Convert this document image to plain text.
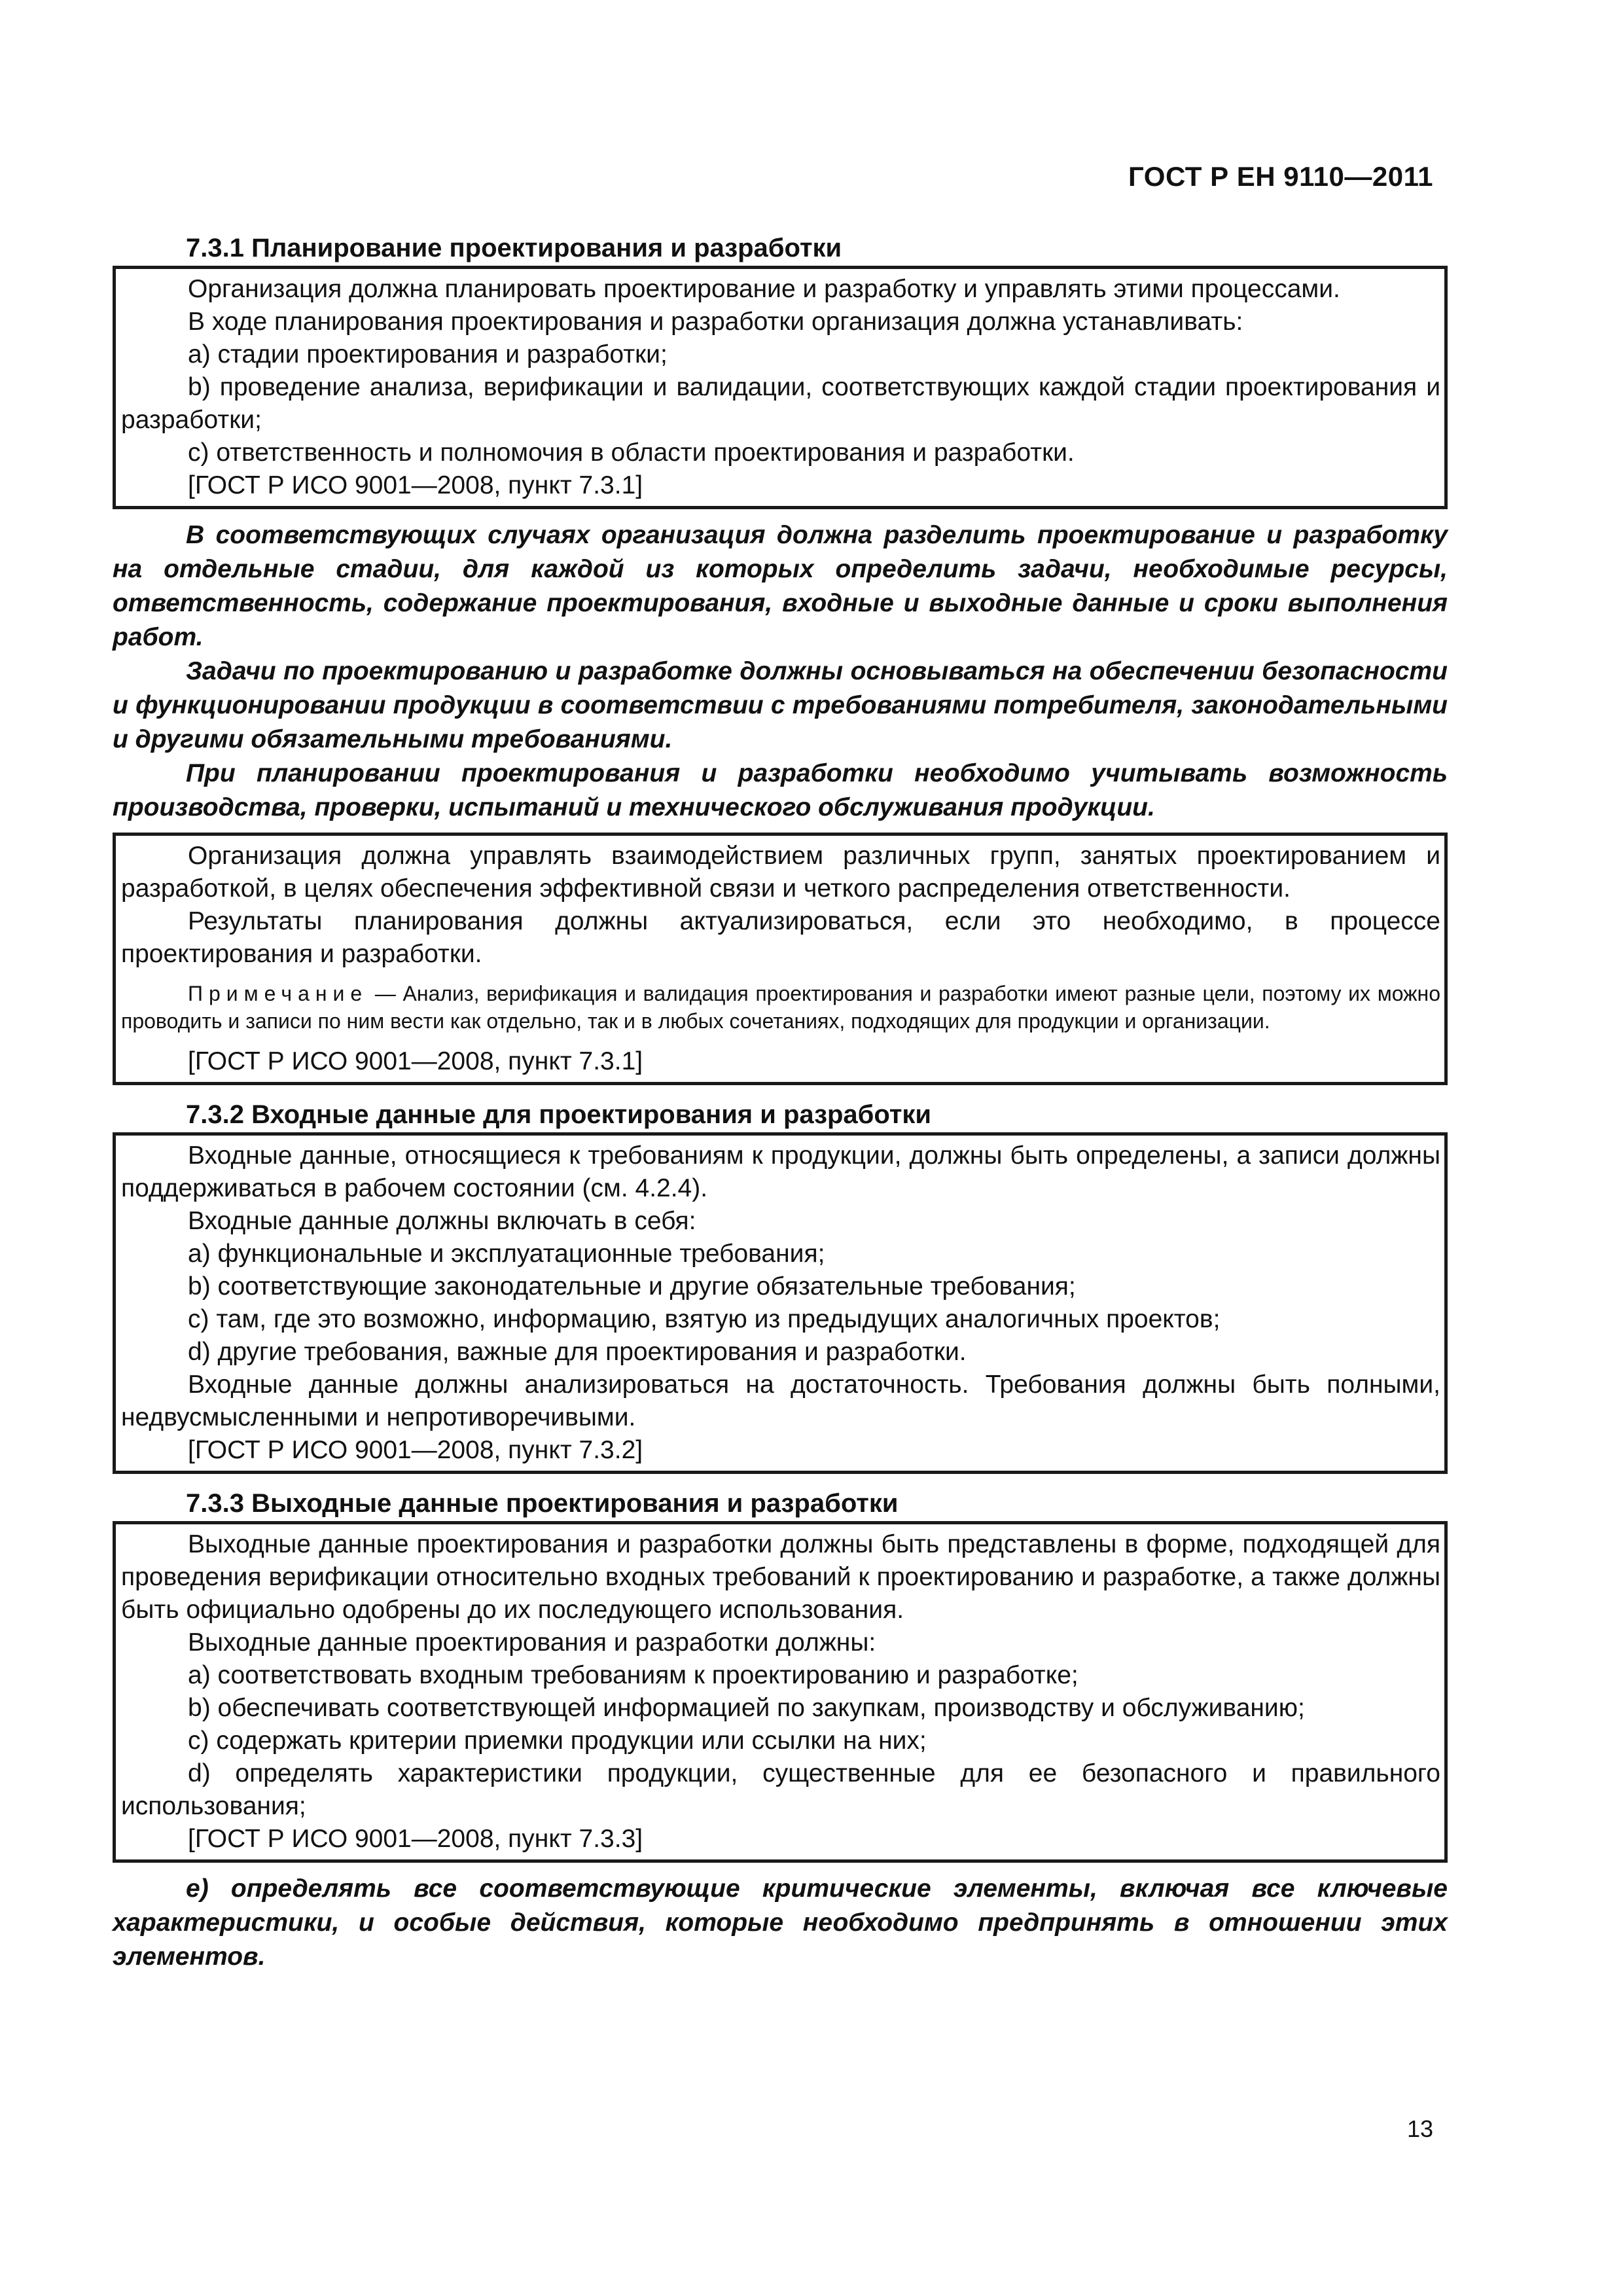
ГОСТ Р ЕН 9110—2011
7.3.1 Планирование проектирования и разработки

Организация должна планировать проектирование и разработку и управлять этими процессами.

В ходе планирования проектирования и разработки организация должна устанавливать:

a) стадии проектирования и разработки;

b) проведение анализа, верификации и валидации, соответствующих каждой стадии проектирования и разработки;

c) ответственность и полномочия в области проектирования и разработки.

[ГОСТ Р ИСО 9001—2008, пункт 7.3.1]

В соответствующих случаях организация должна разделить проектирование и разработку на отдельные стадии, для каждой из которых определить задачи, необходимые ресурсы, ответственность, содержание проектирования, входные и выходные данные и сроки выполнения работ.

Задачи по проектированию и разработке должны основываться на обеспечении безопасности и функционировании продукции в соответствии с требованиями потребителя, законодательными и другими обязательными требованиями.

При планировании проектирования и разработки необходимо учитывать возможность производства, проверки, испытаний и технического обслуживания продукции.

Организация должна управлять взаимодействием различных групп, занятых проектированием и разработкой, в целях обеспечения эффективной связи и четкого распределения ответственности.

Результаты планирования должны актуализироваться, если это необходимо, в процессе проектирования и разработки.

Примечание — Анализ, верификация и валидация проектирования и разработки имеют разные цели, поэтому их можно проводить и записи по ним вести как отдельно, так и в любых сочетаниях, подходящих для продукции и организации.

[ГОСТ Р ИСО 9001—2008, пункт 7.3.1]

7.3.2 Входные данные для проектирования и разработки

Входные данные, относящиеся к требованиям к продукции, должны быть определены, а записи должны поддерживаться в рабочем состоянии (см. 4.2.4).

Входные данные должны включать в себя:

a) функциональные и эксплуатационные требования;

b) соответствующие законодательные и другие обязательные требования;

c) там, где это возможно, информацию, взятую из предыдущих аналогичных проектов;

d) другие требования, важные для проектирования и разработки.

Входные данные должны анализироваться на достаточность. Требования должны быть полными, недвусмысленными и непротиворечивыми.

[ГОСТ Р ИСО 9001—2008, пункт 7.3.2]

7.3.3 Выходные данные проектирования и разработки

Выходные данные проектирования и разработки должны быть представлены в форме, подходящей для проведения верификации относительно входных требований к проектированию и разработке, а также должны быть официально одобрены до их последующего использования.

Выходные данные проектирования и разработки должны:

a) соответствовать входным требованиям к проектированию и разработке;

b) обеспечивать соответствующей информацией по закупкам, производству и обслуживанию;

c) содержать критерии приемки продукции или ссылки на них;

d) определять характеристики продукции, существенные для ее безопасного и правильного использования;

[ГОСТ Р ИСО 9001—2008, пункт 7.3.3]

e) определять все соответствующие критические элементы, включая все ключевые характеристики, и особые действия, которые необходимо предпринять в отношении этих элементов.

13
